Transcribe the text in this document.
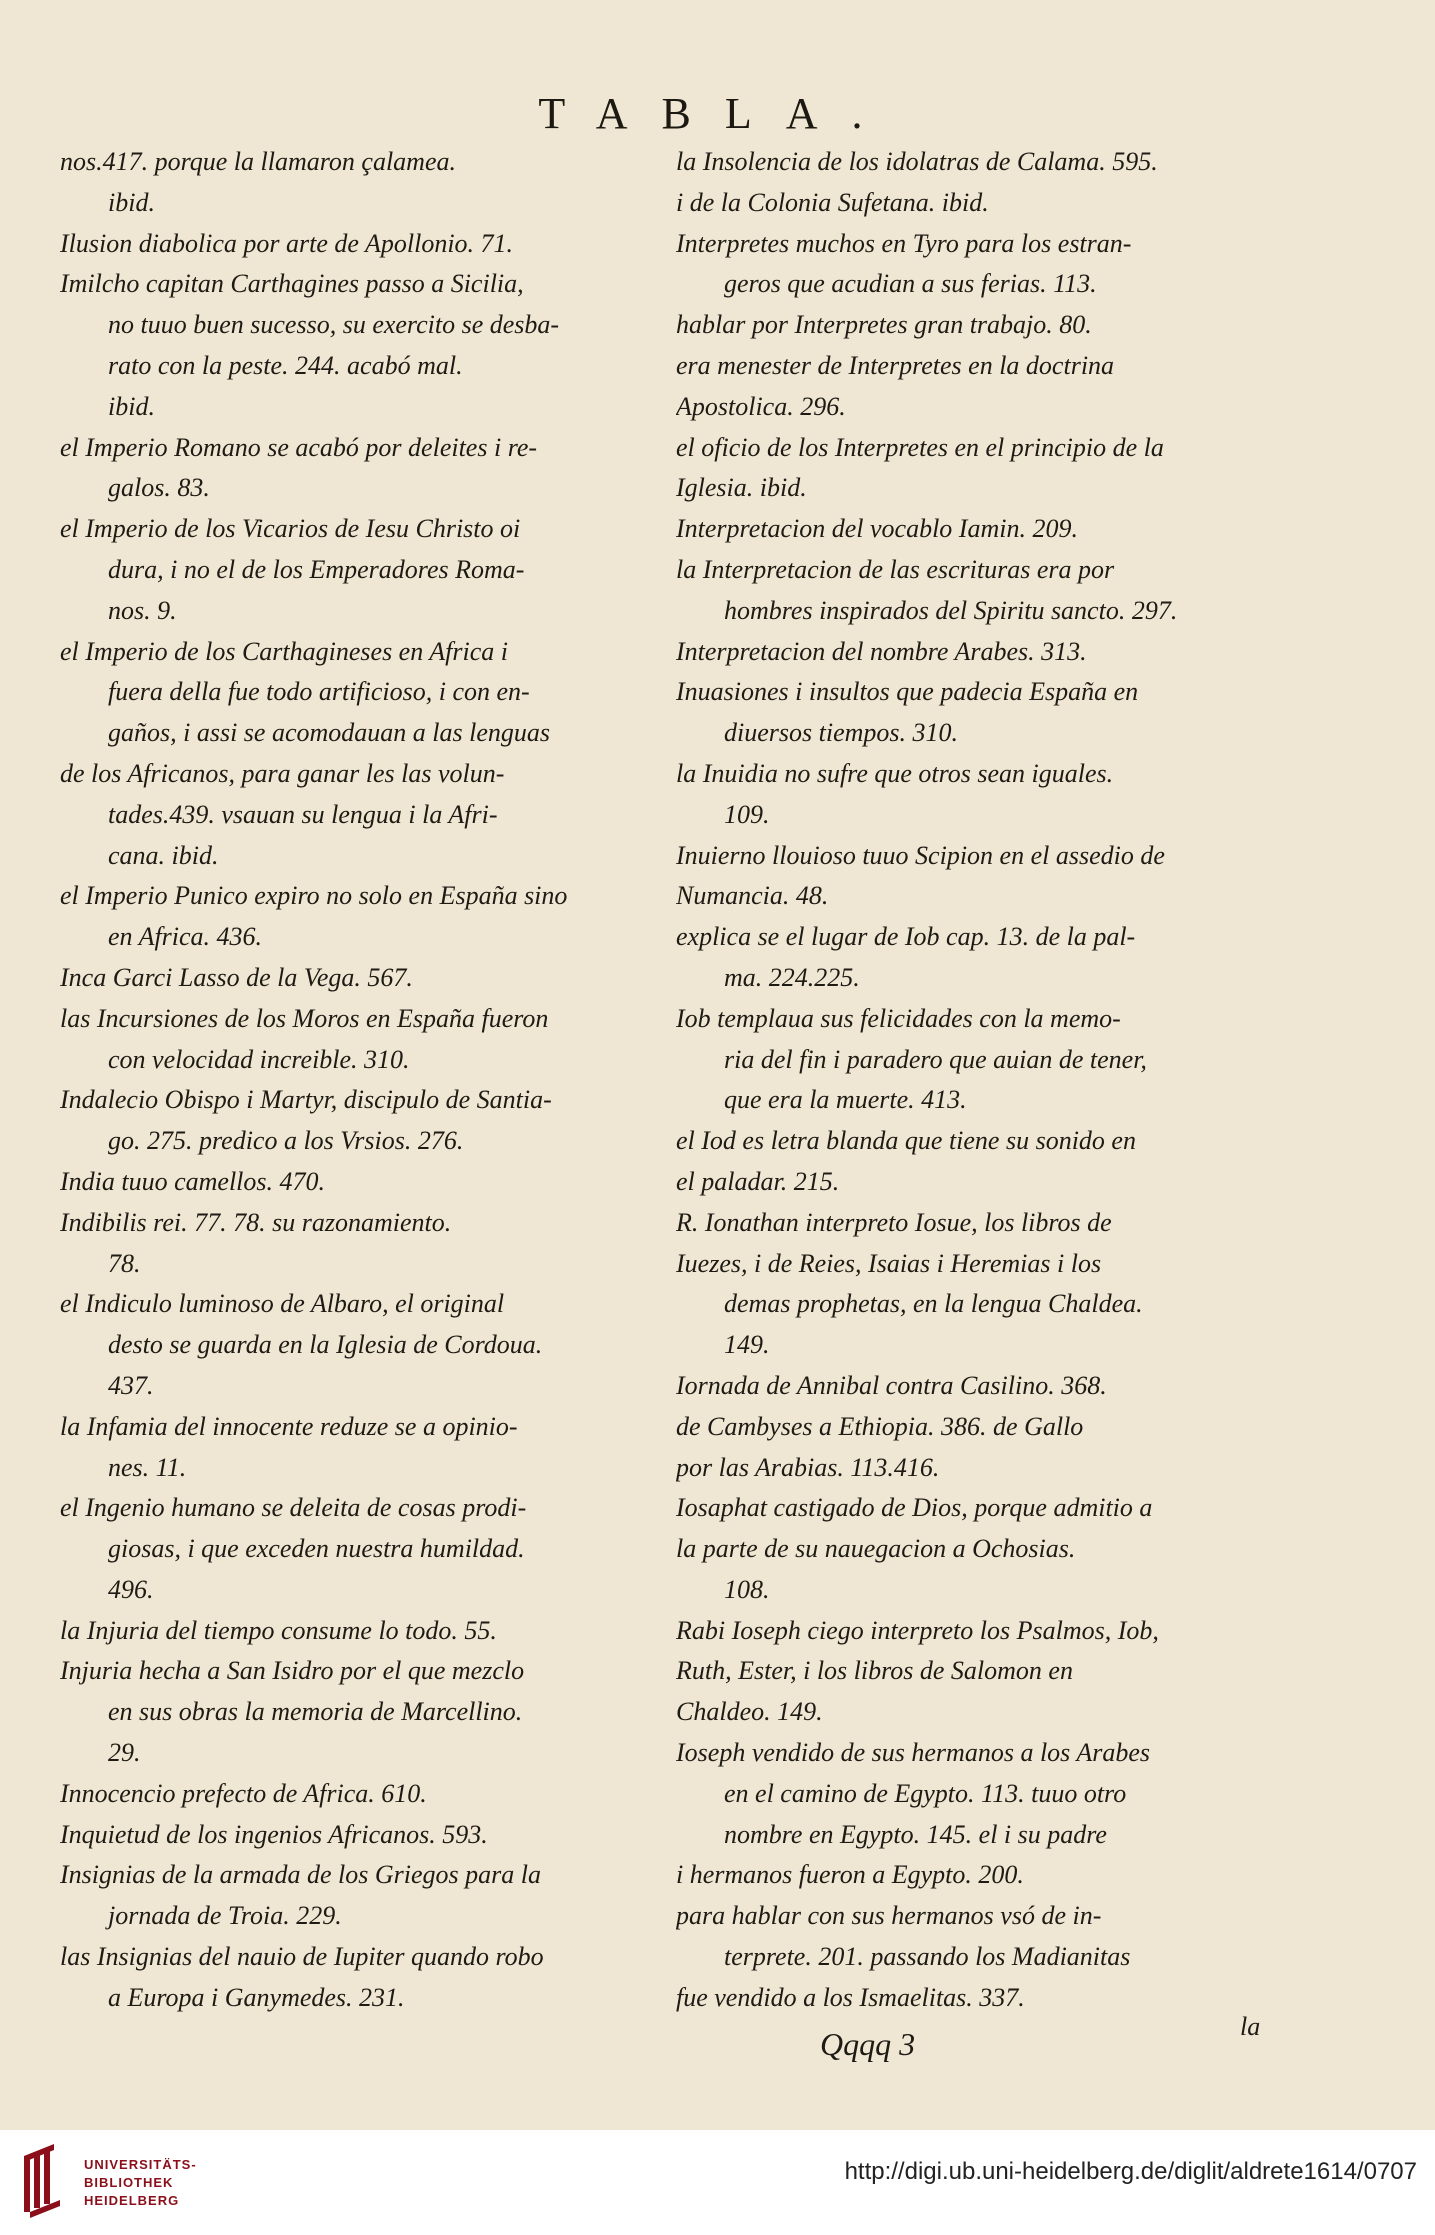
TABLA.
nos.417. porque la llamaron çalamea.
ibid.
Ilusion diabolica por arte de Apollonio. 71.
Imilcho capitan Carthagines passo a Sicilia,
no tuuo buen sucesso, su exercito se desba-
rato con la peste. 244. acabó mal.
ibid.
el Imperio Romano se acabó por deleites i re-
galos. 83.
el Imperio de los Vicarios de Iesu Christo oi
dura, i no el de los Emperadores Roma-
nos. 9.
el Imperio de los Carthagineses en Africa i
fuera della fue todo artificioso, i con en-
gaños, i assi se acomodauan a las lenguas
de los Africanos, para ganar les las volun-
tades.439. vsauan su lengua i la Afri-
cana. ibid.
el Imperio Punico expiro no solo en España sino
en Africa. 436.
Inca Garci Lasso de la Vega. 567.
las Incursiones de los Moros en España fueron
con velocidad increible. 310.
Indalecio Obispo i Martyr, discipulo de Santia-
go. 275. predico a los Vrsios. 276.
India tuuo camellos. 470.
Indibilis rei. 77. 78. su razonamiento.
78.
el Indiculo luminoso de Albaro, el original
desto se guarda en la Iglesia de Cordoua.
437.
la Infamia del innocente reduze se a opinio-
nes. 11.
el Ingenio humano se deleita de cosas prodi-
giosas, i que exceden nuestra humildad.
496.
la Injuria del tiempo consume lo todo. 55.
Injuria hecha a San Isidro por el que mezclo
en sus obras la memoria de Marcellino.
29.
Innocencio prefecto de Africa. 610.
Inquietud de los ingenios Africanos. 593.
Insignias de la armada de los Griegos para la
jornada de Troia. 229.
las Insignias del nauio de Iupiter quando robo
a Europa i Ganymedes. 231.
la Insolencia de los idolatras de Calama. 595.
i de la Colonia Sufetana. ibid.
Interpretes muchos en Tyro para los estran-
geros que acudian a sus ferias. 113.
hablar por Interpretes gran trabajo. 80.
era menester de Interpretes en la doctrina
Apostolica. 296.
el oficio de los Interpretes en el principio de la
Iglesia. ibid.
Interpretacion del vocablo Iamin. 209.
la Interpretacion de las escrituras era por
hombres inspirados del Spiritu sancto. 297.
Interpretacion del nombre Arabes. 313.
Inuasiones i insultos que padecia España en
diuersos tiempos. 310.
la Inuidia no sufre que otros sean iguales.
109.
Inuierno llouioso tuuo Scipion en el assedio de
Numancia. 48.
explica se el lugar de Iob cap. 13. de la pal-
ma. 224.225.
Iob templaua sus felicidades con la memo-
ria del fin i paradero que auian de tener,
que era la muerte. 413.
el Iod es letra blanda que tiene su sonido en
el paladar. 215.
R. Ionathan interpreto Iosue, los libros de
Iuezes, i de Reies, Isaias i Heremias i los
demas prophetas, en la lengua Chaldea.
149.
Iornada de Annibal contra Casilino. 368.
de Cambyses a Ethiopia. 386. de Gallo
por las Arabias. 113.416.
Iosaphat castigado de Dios, porque admitio a
la parte de su nauegacion a Ochosias.
108.
Rabi Ioseph ciego interpreto los Psalmos, Iob,
Ruth, Ester, i los libros de Salomon en
Chaldeo. 149.
Ioseph vendido de sus hermanos a los Arabes
en el camino de Egypto. 113. tuuo otro
nombre en Egypto. 145. el i su padre
i hermanos fueron a Egypto. 200.
para hablar con sus hermanos vsó de in-
terprete. 201. passando los Madianitas
fue vendido a los Ismaelitas. 337.
Qqqq 3	la
UNIVERSITÄTS-
BIBLIOTHEK
HEIDELBERG
http://digi.ub.uni-heidelberg.de/diglit/aldrete1614/0707
